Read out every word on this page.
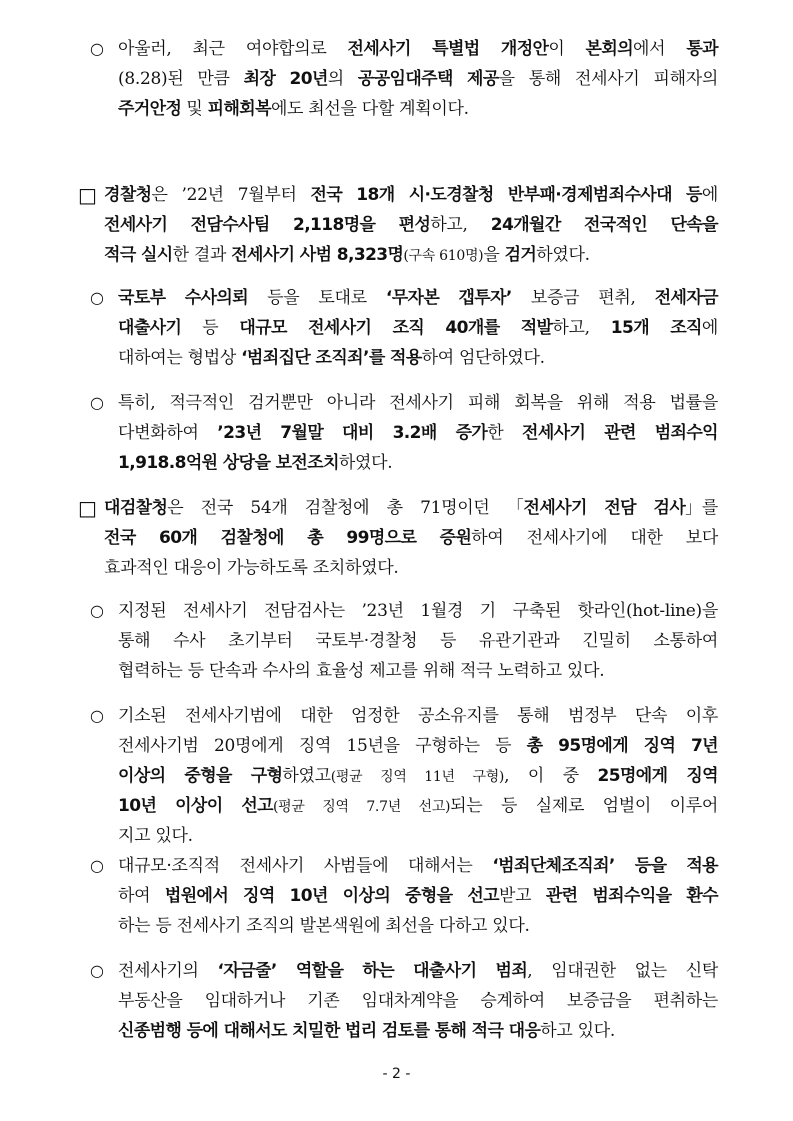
○ 아울러, 최근 여야합의로 전세사기 특별법 개정안이 본회의에서 통과
(8.28)된 만큼 최장 20년의 공공임대주택 제공을 통해 전세사기 피해자의
주거안정 및 피해회복에도 최선을 다할 계획이다.
□ 경찰청은 ’22년 7월부터 전국 18개 시·도경찰청 반부패·경제범죄수사대 등에
전세사기 전담수사팀 2,118명을 편성하고, 24개월간 전국적인 단속을
적극 실시한 결과 전세사기 사범 8,323명(구속 610명)을 검거하였다.
○ 국토부 수사의뢰 등을 토대로 ‘무자본 갭투자’ 보증금 편취, 전세자금
대출사기 등 대규모 전세사기 조직 40개를 적발하고, 15개 조직에
대하여는 형법상 ‘범죄집단 조직죄’를 적용하여 엄단하였다.
○ 특히, 적극적인 검거뿐만 아니라 전세사기 피해 회복을 위해 적용 법률을
다변화하여 ’23년 7월말 대비 3.2배 증가한 전세사기 관련 범죄수익
1,918.8억원 상당을 보전조치하였다.
□ 대검찰청은 전국 54개 검찰청에 총 71명이던 「전세사기 전담 검사」를
전국 60개 검찰청에 총 99명으로 증원하여 전세사기에 대한 보다
효과적인 대응이 가능하도록 조치하였다.
○ 지정된 전세사기 전담검사는 ’23년 1월경 기 구축된 핫라인(hot-line)을
통해 수사 초기부터 국토부·경찰청 등 유관기관과 긴밀히 소통하여
협력하는 등 단속과 수사의 효율성 제고를 위해 적극 노력하고 있다.
○ 기소된 전세사기범에 대한 엄정한 공소유지를 통해 범정부 단속 이후
전세사기범 20명에게 징역 15년을 구형하는 등 총 95명에게 징역 7년
이상의 중형을 구형하였고(평균 징역 11년 구형), 이 중 25명에게 징역
10년 이상이 선고(평균 징역 7.7년 선고)되는 등 실제로 엄벌이 이루어
지고 있다.
○ 대규모·조직적 전세사기 사범들에 대해서는 ‘범죄단체조직죄’ 등을 적용
하여 법원에서 징역 10년 이상의 중형을 선고받고 관련 범죄수익을 환수
하는 등 전세사기 조직의 발본색원에 최선을 다하고 있다.
○ 전세사기의 ‘자금줄’ 역할을 하는 대출사기 범죄, 임대권한 없는 신탁
부동산을 임대하거나 기존 임대차계약을 승계하여 보증금을 편취하는
신종범행 등에 대해서도 치밀한 법리 검토를 통해 적극 대응하고 있다.
- 2 -
